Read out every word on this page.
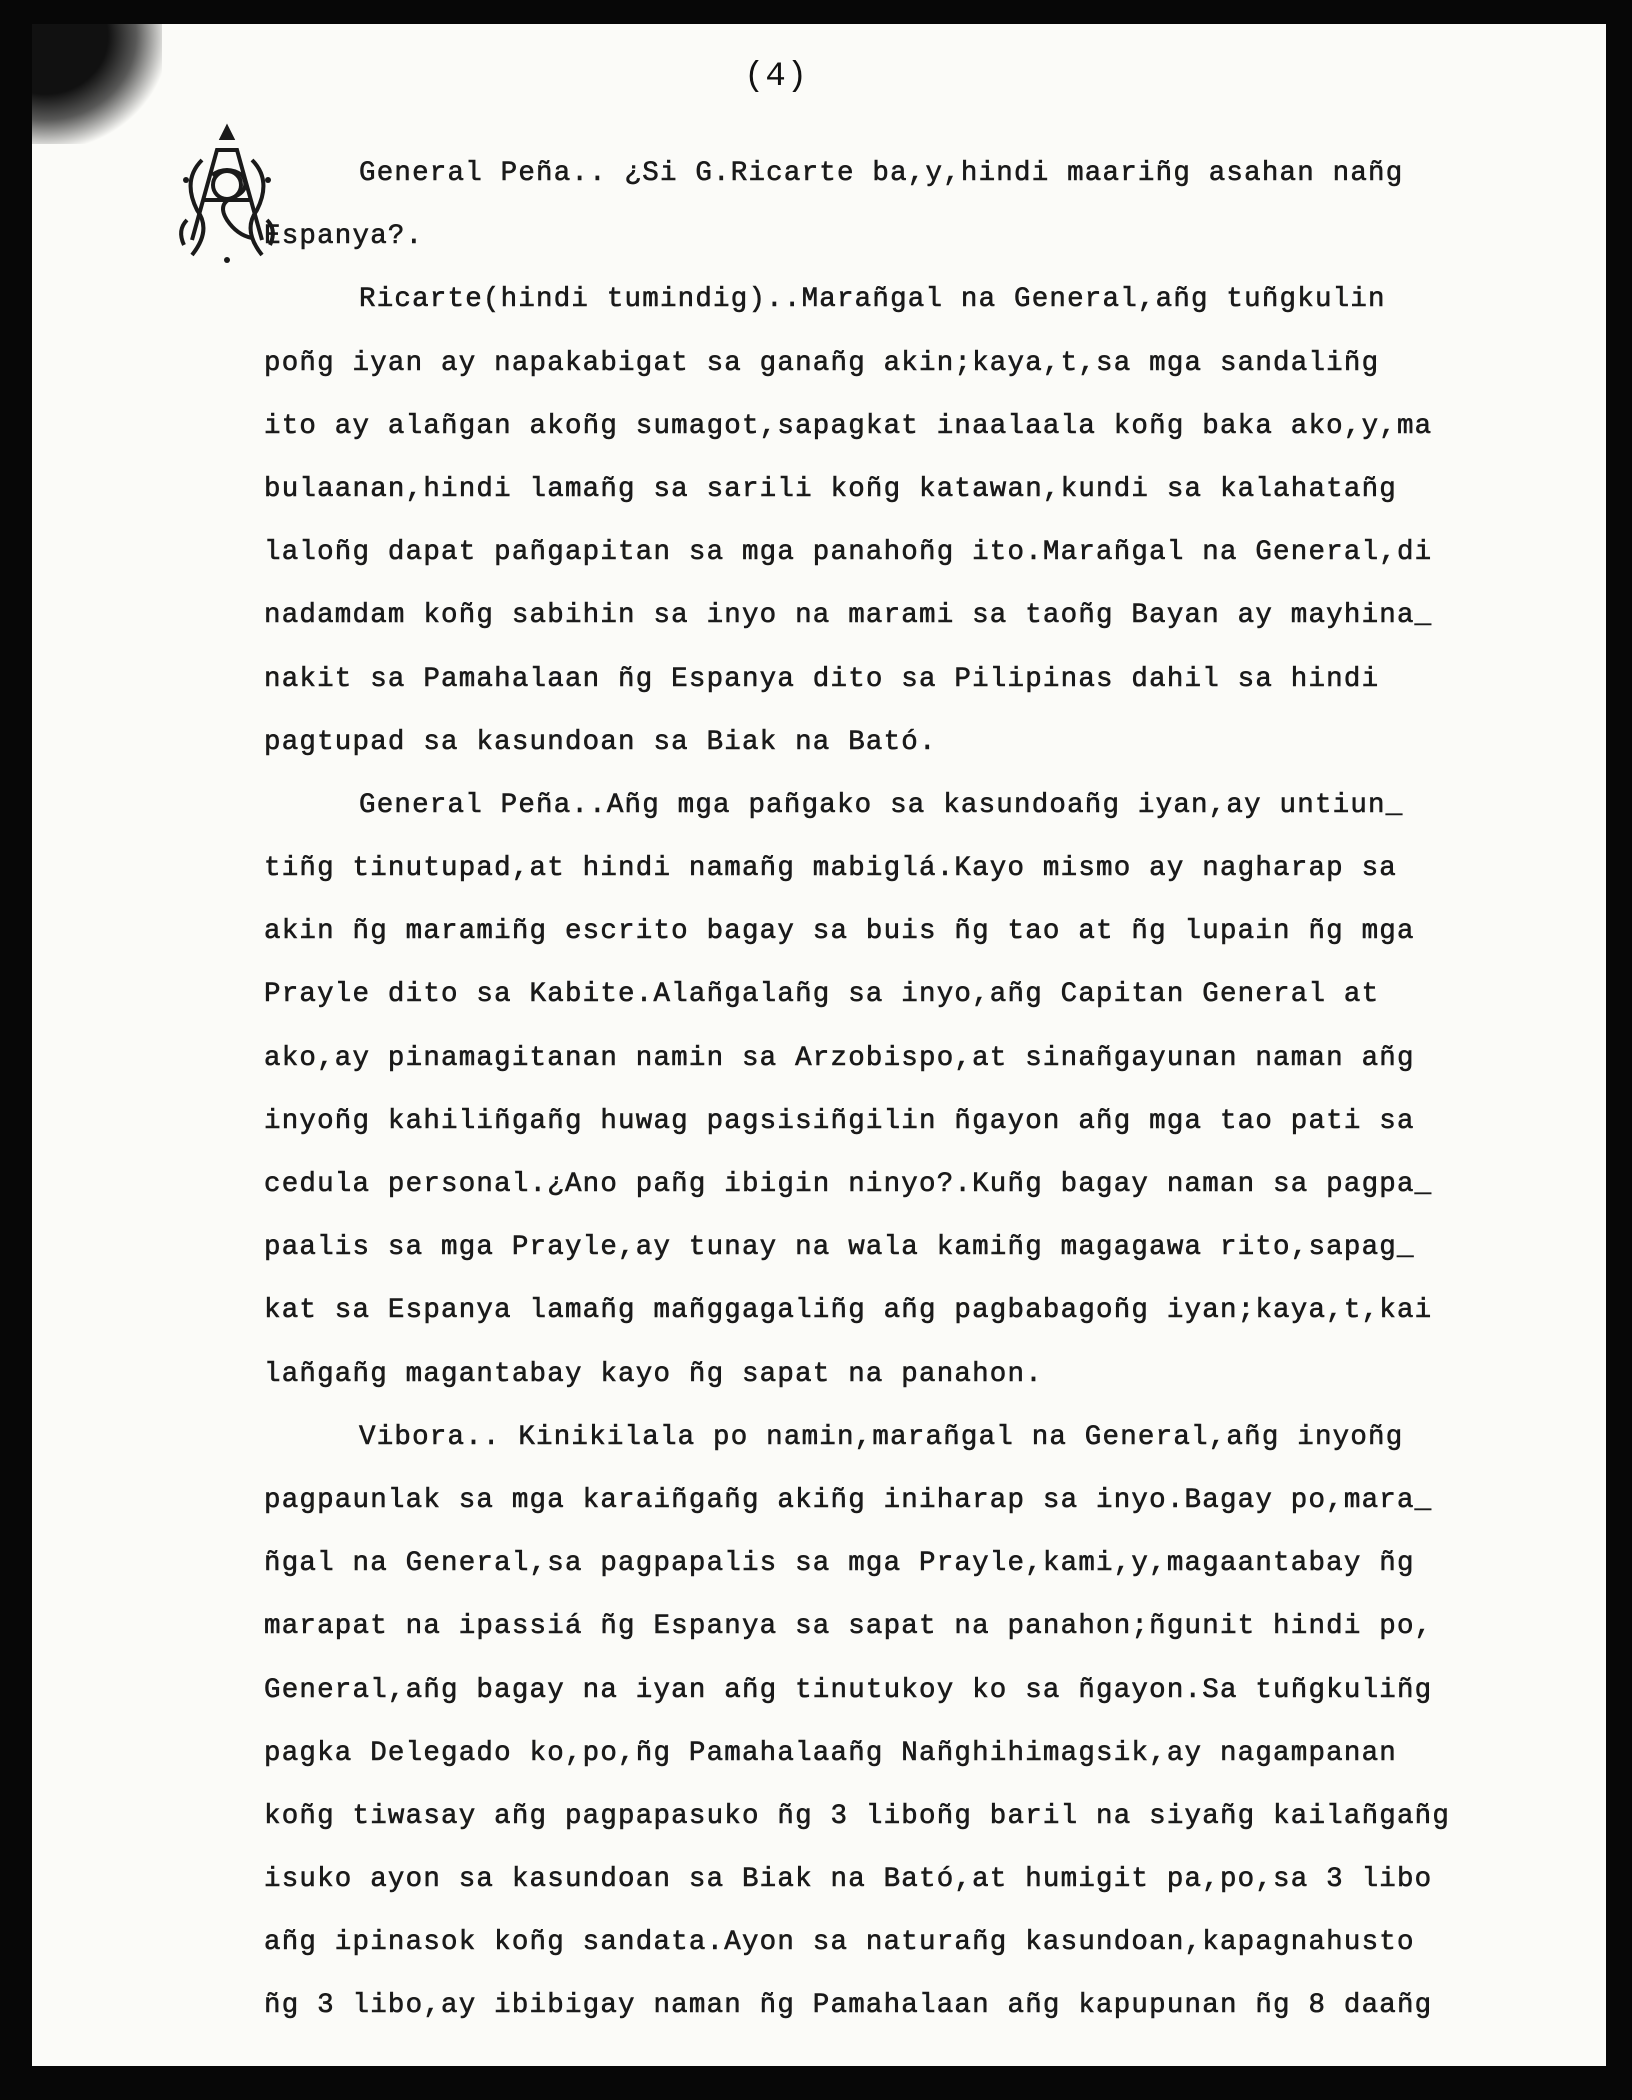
(4)
General Peña.. ¿Si G.Ricarte ba,y,hindi maariñg asahan nañg
Espanya?.
Ricarte(hindi tumindig)..Marañgal na General,añg tuñgkulin
poñg iyan ay napakabigat sa ganañg akin;kaya,t,sa mga sandaliñg
ito ay alañgan akoñg sumagot,sapagkat inaalaala koñg baka ako,y,ma
bulaanan,hindi lamañg sa sarili koñg katawan,kundi sa kalahatañg
laloñg dapat pañgapitan sa mga panahoñg ito.Marañgal na General,di
nadamdam koñg sabihin sa inyo na marami sa taoñg Bayan ay mayhina_
nakit sa Pamahalaan ñg Espanya dito sa Pilipinas dahil sa hindi
pagtupad sa kasundoan sa Biak na Bató.
General Peña..Añg mga pañgako sa kasundoañg iyan,ay untiun_
tiñg tinutupad,at hindi namañg mabiglá.Kayo mismo ay nagharap sa
akin ñg maramiñg escrito bagay sa buis ñg tao at ñg lupain ñg mga
Prayle dito sa Kabite.Alañgalañg sa inyo,añg Capitan General at
ako,ay pinamagitanan namin sa Arzobispo,at sinañgayunan naman añg
inyoñg kahiliñgañg huwag pagsisiñgilin ñgayon añg mga tao pati sa
cedula personal.¿Ano pañg ibigin ninyo?.Kuñg bagay naman sa pagpa_
paalis sa mga Prayle,ay tunay na wala kamiñg magagawa rito,sapag_
kat sa Espanya lamañg mañggagaliñg añg pagbabagoñg iyan;kaya,t,kai
lañgañg magantabay kayo ñg sapat na panahon.
Vibora.. Kinikilala po namin,marañgal na General,añg inyoñg
pagpaunlak sa mga karaiñgañg akiñg iniharap sa inyo.Bagay po,mara_
ñgal na General,sa pagpapalis sa mga Prayle,kami,y,magaantabay ñg
marapat na ipassiá ñg Espanya sa sapat na panahon;ñgunit hindi po,
General,añg bagay na iyan añg tinutukoy ko sa ñgayon.Sa tuñgkuliñg
pagka Delegado ko,po,ñg Pamahalaañg Nañghihimagsik,ay nagampanan
koñg tiwasay añg pagpapasuko ñg 3 liboñg baril na siyañg kailañgañg
isuko ayon sa kasundoan sa Biak na Bató,at humigit pa,po,sa 3 libo
añg ipinasok koñg sandata.Ayon sa naturañg kasundoan,kapagnahusto
ñg 3 libo,ay ibibigay naman ñg Pamahalaan añg kapupunan ñg 8 daañg
